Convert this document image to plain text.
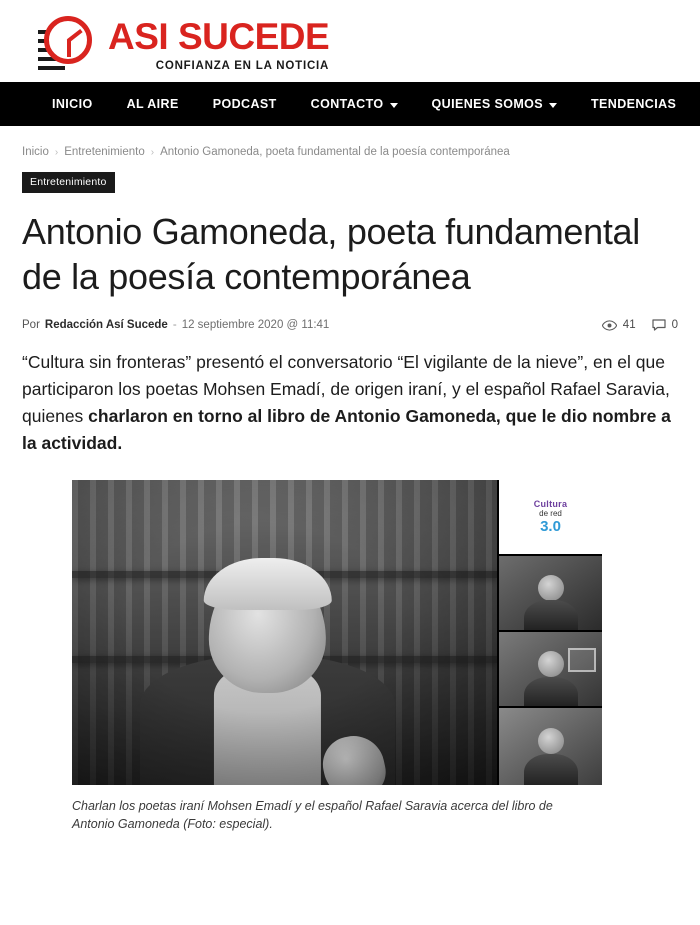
ASI SUCEDE
CONFIANZA EN LA NOTICIA
INICIO	AL AIRE	PODCAST	CONTACTO	QUIENES SOMOS	TENDENCIAS
Inicio › Entretenimiento › Antonio Gamoneda, poeta fundamental de la poesía contemporánea
Entretenimiento
Antonio Gamoneda, poeta fundamental de la poesía contemporánea
Por Redacción Así Sucede - 12 septiembre 2020 @ 11:41	41	0

“Cultura sin fronteras” presentó el conversatorio “El vigilante de la nieve”, en el que participaron los poetas Mohsen Emadí, de origen iraní, y el español Rafael Saravia, quienes charlaron en torno al libro de Antonio Gamoneda, que le dio nombre a la actividad.

Cultura
de red
3.0
Charlan los poetas iraní Mohsen Emadí y el español Rafael Saravia acerca del libro de Antonio Gamoneda (Foto: especial).
